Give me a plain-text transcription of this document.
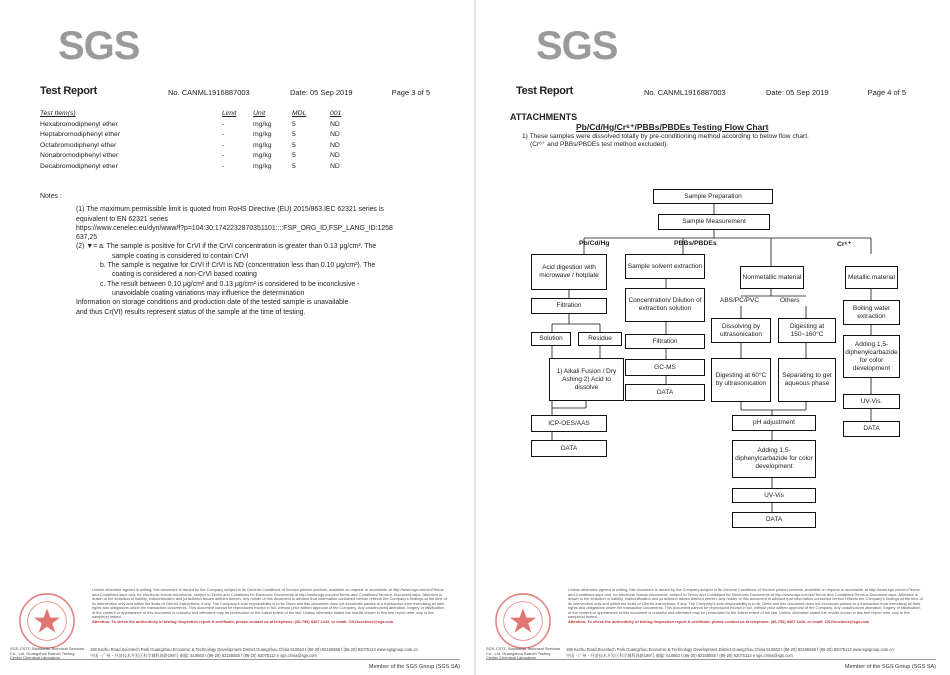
SGS
Test Report	No. CANML1916887003	Date: 05 Sep 2019	Page 3 of 5
Test Item(s)	Limit Unit	MDL	001
Hexabromodiphenyl ether	-	mg/kg	5	ND
Heptabromodiphenyl ether	-	mg/kg	5	ND
Octabromodiphenyl ether	-	mg/kg	5	ND
Nonabromodiphenyl ether	-	mg/kg	5	ND
Decabromodiphenyl ether	-	mg/kg	5	ND
Notes :
(1) The maximum permissible limit is quoted from RoHS Directive (EU) 2015/863.IEC 62321 series is
equivalent to EN 62321 series
https://www.cenelec.eu/dyn/www/f?p=104:30:1742232870351101::::FSP_ORG_ID,FSP_LANG_ID:1258
637,25
(2) ▼= a. The sample is positive for CrVI if the CrVI concentration is greater than 0.13 μg/cm². The
sample coating is considered to contain CrVI
b. The sample is negative for CrVI if CrVI is ND (concentration less than 0.10 μg/cm²). The
coating is considered a non-CrVI based coating
c. The result between 0.10 μg/cm² and 0.13 μg/cm² is considered to be inconclusive -
unavoidable coating variations may influence the determination
Information on storage conditions and production date of the tested sample is unavailable
and thus Cr(VI) results represent status of the sample at the time of testing.
Unless otherwise agreed in writing, this document is issued by the Company subject to its General Conditions of Service printed overleaf, available on request or accessible at http://www.sgs.com/en/Terms-and-Conditions.aspx and, for electronic format documents, subject to Terms and Conditions for Electronic Documents at http://www.sgs.com/en/Terms-and-Conditions/Terms-e-Document.aspx. Attention is drawn to the limitation of liability, indemnification and jurisdiction issues defined therein. Any holder of this document is advised that information contained hereon reflects the Company's findings at the time of its intervention only and within the limits of Client's instructions, if any. The Company's sole responsibility is to its Client and this document does not exonerate parties to a transaction from exercising all their rights and obligations under the transaction documents. This document cannot be reproduced except in full, without prior written approval of the Company. Any unauthorized alteration, forgery or falsification of the content or appearance of this document is unlawful and offenders may be prosecuted to the fullest extent of the law. Unless otherwise stated the results shown in this test report refer only to the sample(s) tested.
Attention: To check the authenticity of testing /inspection report & certificate, please contact us at telephone: (86-755) 8307 1443, or email: CN.Doccheck@sgs.com
SGS-CSTC Standards Technical Services Co., Ltd. Guangzhou Branch Testing Center Chemical Laboratory
198 Kezhu Road,Scientech Park Guangzhou Economic & Technology Development District,Guangzhou,China 510663 t (86-20) 82155555 f (86-20) 82075113 www.sgsgroup.com.cn
中国・广州・经济技术开发区科学城科珠路198号 邮编: 510663 t (86-20) 82155555 f (86-20) 82075113 e sgs.china@sgs.com
Member of the SGS Group (SGS SA)
SGS
Test Report	No. CANML1916887003	Date: 05 Sep 2019	Page 4 of 5
ATTACHMENTS
Pb/Cd/Hg/Cr⁶⁺/PBBs/PBDEs Testing Flow Chart
1) These samples were dissolved totally by pre-conditioning method according to below flow chart.
(Cr⁶⁺ and PBBs/PBDEs test method excluded).
Sample Preparation
Sample Measurement
Pb/Cd/Hg	PBBs/PBDEs	Cr⁶⁺
Acid digestion with microwave / hotplate
Filtration
Solution	Residue
1) Alkali Fusion / Dry Ashing 2) Acid to dissolve
ICP-OES/AAS
DATA
Sample solvent extraction
Concentration/ Dilution of extraction solution
Filtration
GC-MS
DATA
Nonmetallic material
ABS/PC/PVC	Others
Dissolving by ultrasonication
Digesting at 150~160°C
Digesting at 60°C by ultrasonication
Separating to get aqueous phase
pH adjustment
Adding 1,5-diphenylcarbazide for color development
UV-Vis
DATA
Metallic material
Boiling water extraction
Adding 1,5-diphenylcarbazide for color development
UV-Vis.
DATA
Unless otherwise agreed in writing, this document is issued by the Company subject to its General Conditions of Service printed overleaf, available on request or accessible at http://www.sgs.com/en/Terms-and-Conditions.aspx and, for electronic format documents, subject to Terms and Conditions for Electronic Documents at http://www.sgs.com/en/Terms-and-Conditions/Terms-e-Document.aspx. Attention is drawn to the limitation of liability, indemnification and jurisdiction issues defined therein. Any holder of this document is advised that information contained hereon reflects the Company's findings at the time of its intervention only and within the limits of Client's instructions, if any. The Company's sole responsibility is to its Client and this document does not exonerate parties to a transaction from exercising all their rights and obligations under the transaction documents. This document cannot be reproduced except in full, without prior written approval of the Company. Any unauthorized alteration, forgery or falsification of the content or appearance of this document is unlawful and offenders may be prosecuted to the fullest extent of the law. Unless otherwise stated the results shown in this test report refer only to the sample(s) tested.
Attention: To check the authenticity of testing /inspection report & certificate, please contact us at telephone: (86-755) 8307 1443, or email: CN.Doccheck@sgs.com
SGS-CSTC Standards Technical Services Co., Ltd. Guangzhou Branch Testing Center Chemical Laboratory
198 Kezhu Road,Scientech Park Guangzhou Economic & Technology Development District,Guangzhou,China 510663 t (86-20) 82155555 f (86-20) 82075113 www.sgsgroup.com.cn
中国・广州・经济技术开发区科学城科珠路198号 邮编: 510663 t (86-20) 82155555 f (86-20) 82075113 e sgs.china@sgs.com
Member of the SGS Group (SGS SA)
